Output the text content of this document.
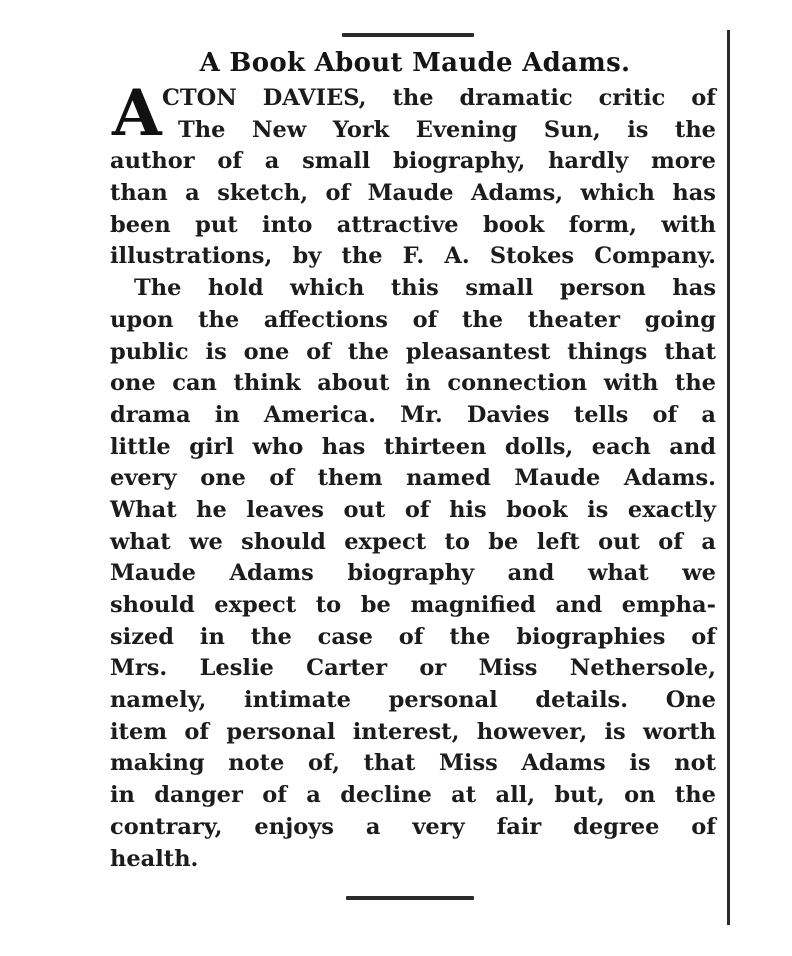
A Book About Maude Adams.
A CTON DAVIES, the dramatic critic of
The New York Evening Sun, is the
author of a small biography, hardly more
than a sketch, of Maude Adams, which has
been put into attractive book form, with
illustrations, by the F. A. Stokes Company.
The hold which this small person has
upon the affections of the theater going
public is one of the pleasantest things that
one can think about in connection with the
drama in America. Mr. Davies tells of a
little girl who has thirteen dolls, each and
every one of them named Maude Adams.
What he leaves out of his book is exactly
what we should expect to be left out of a
Maude Adams biography and what we
should expect to be magnified and empha-
sized in the case of the biographies of
Mrs. Leslie Carter or Miss Nethersole,
namely, intimate personal details. One
item of personal interest, however, is worth
making note of, that Miss Adams is not
in danger of a decline at all, but, on the
contrary, enjoys a very fair degree of
health.
